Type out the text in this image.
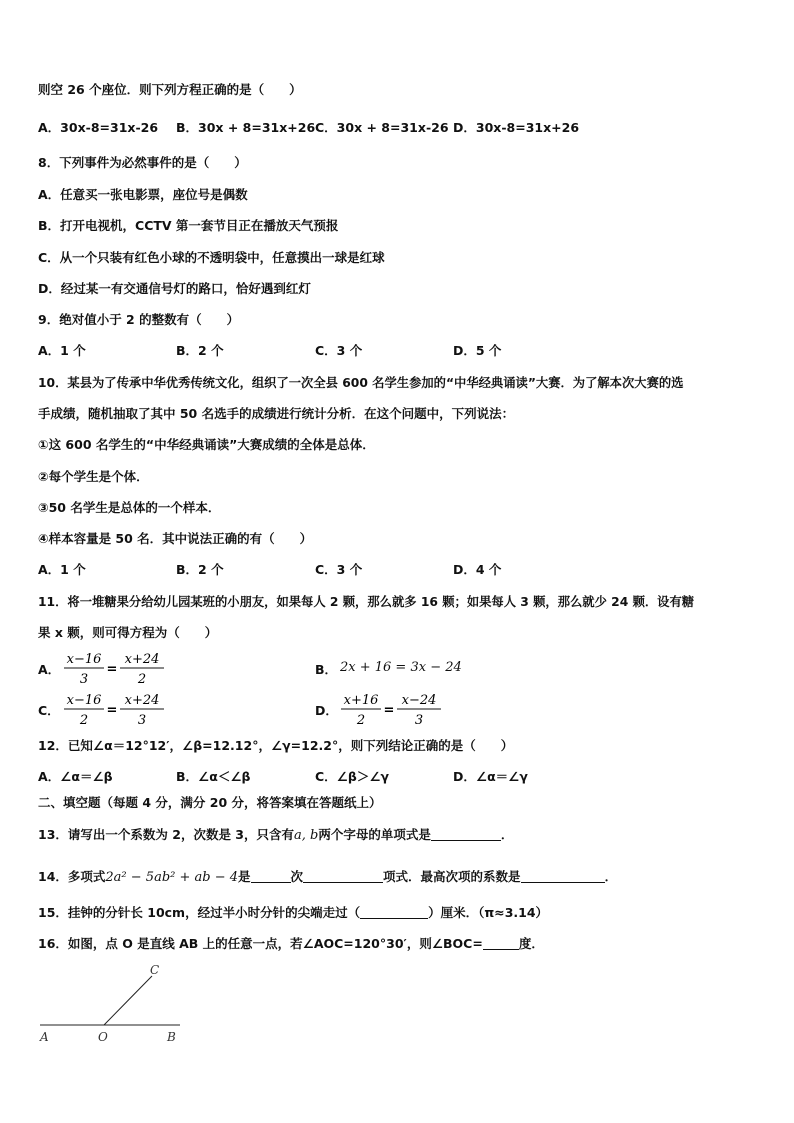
则空 26 个座位．则下列方程正确的是（　　）
A．30x-8=31x-26 B．30x + 8=31x+26 C．30x + 8=31x-26 D．30x-8=31x+26
8．下列事件为必然事件的是（　　）
A．任意买一张电影票，座位号是偶数
B．打开电视机，CCTV 第一套节目正在播放天气预报
C．从一个只装有红色小球的不透明袋中，任意摸出一球是红球
D．经过某一有交通信号灯的路口，恰好遇到红灯
9．绝对值小于 2 的整数有（　　）
A．1 个	B．2 个	C．3 个	D．5 个
10．某县为了传承中华优秀传统文化，组织了一次全县 600 名学生参加的“中华经典诵读”大赛．为了解本次大赛的选
手成绩，随机抽取了其中 50 名选手的成绩进行统计分析．在这个问题中，下列说法：
①这 600 名学生的“中华经典诵读”大赛成绩的全体是总体．
②每个学生是个体．
③50 名学生是总体的一个样本．
④样本容量是 50 名．其中说法正确的有（　　）
A．1 个	B．2 个	C．3 个	D．4 个
11．将一堆糖果分给幼儿园某班的小朋友，如果每人 2 颗，那么就多 16 颗；如果每人 3 颗，那么就少 24 颗．设有糖
果 x 颗，则可得方程为（　　）
A．
x−16
3
=
x+24
2
B． 2x + 16 = 3x − 24
C．
x−16
2
=
x+24
3
D．
x+16
2
=
x−24
3
12．已知∠α＝12°12′，∠β=12.12°，∠γ=12.2°，则下列结论正确的是（　　）
A．∠α＝∠β	B．∠α＜∠β	C．∠β＞∠γ	D．∠α＝∠γ
二、填空题（每题 4 分，满分 20 分，将答案填在答题纸上）
13．请写出一个系数为 2，次数是 3，只含有a, b两个字母的单项式是	．
14．多项式2a² − 5ab² + ab − 4是	次	项式．最高次项的系数是	．
15．挂钟的分针长 10cm，经过半小时分针的尖端走过（	）厘米．（π≈3.14）
16．如图，点 O 是直线 AB 上的任意一点，若∠AOC=120°30′，则∠BOC=	度．
A	O	B
C
